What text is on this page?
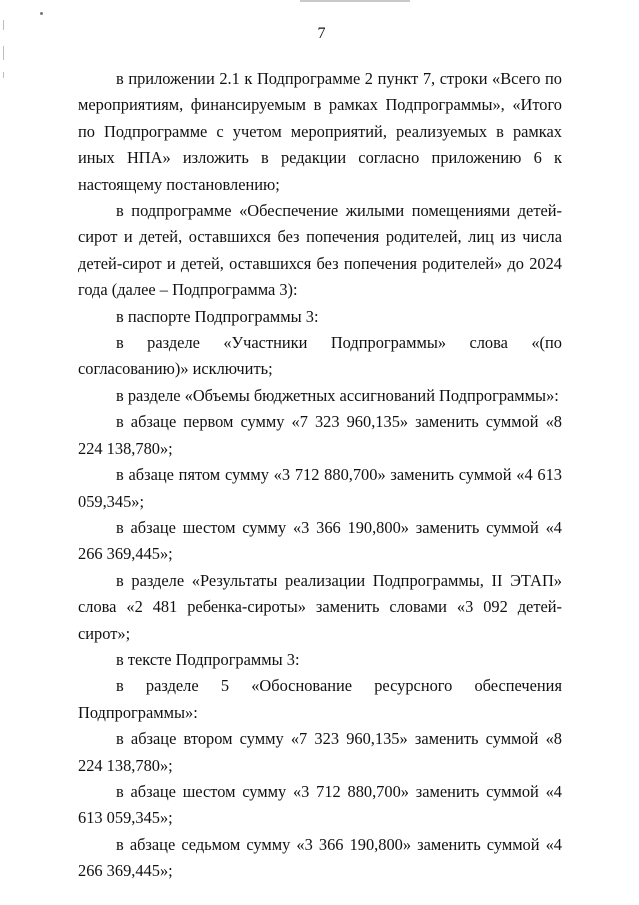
7

в приложении 2.1 к Подпрограмме 2 пункт 7, строки «Всего по мероприятиям, финансируемым в рамках Подпрограммы», «Итого по Подпрограмме с учетом мероприятий, реализуемых в рамках иных НПА» изложить в редакции согласно приложению 6 к настоящему постановлению;

в подпрограмме «Обеспечение жилыми помещениями детей-сирот и детей, оставшихся без попечения родителей, лиц из числа детей-сирот и детей, оставшихся без попечения родителей» до 2024 года (далее – Подпрограмма 3):

в паспорте Подпрограммы 3:

в разделе «Участники Подпрограммы» слова «(по согласованию)» исключить;

в разделе «Объемы бюджетных ассигнований Подпрограммы»:

в абзаце первом сумму «7 323 960,135» заменить суммой «8 224 138,780»;

в абзаце пятом сумму «3 712 880,700» заменить суммой «4 613 059,345»;

в абзаце шестом сумму «3 366 190,800» заменить суммой «4 266 369,445»;

в разделе «Результаты реализации Подпрограммы, II ЭТАП» слова «2 481 ребенка-сироты» заменить словами «3 092 детей-сирот»;

в тексте Подпрограммы 3:

в разделе 5 «Обоснование ресурсного обеспечения Подпрограммы»:

в абзаце втором сумму «7 323 960,135» заменить суммой «8 224 138,780»;

в абзаце шестом сумму «3 712 880,700» заменить суммой «4 613 059,345»;

в абзаце седьмом сумму «3 366 190,800» заменить суммой «4 266 369,445»;
